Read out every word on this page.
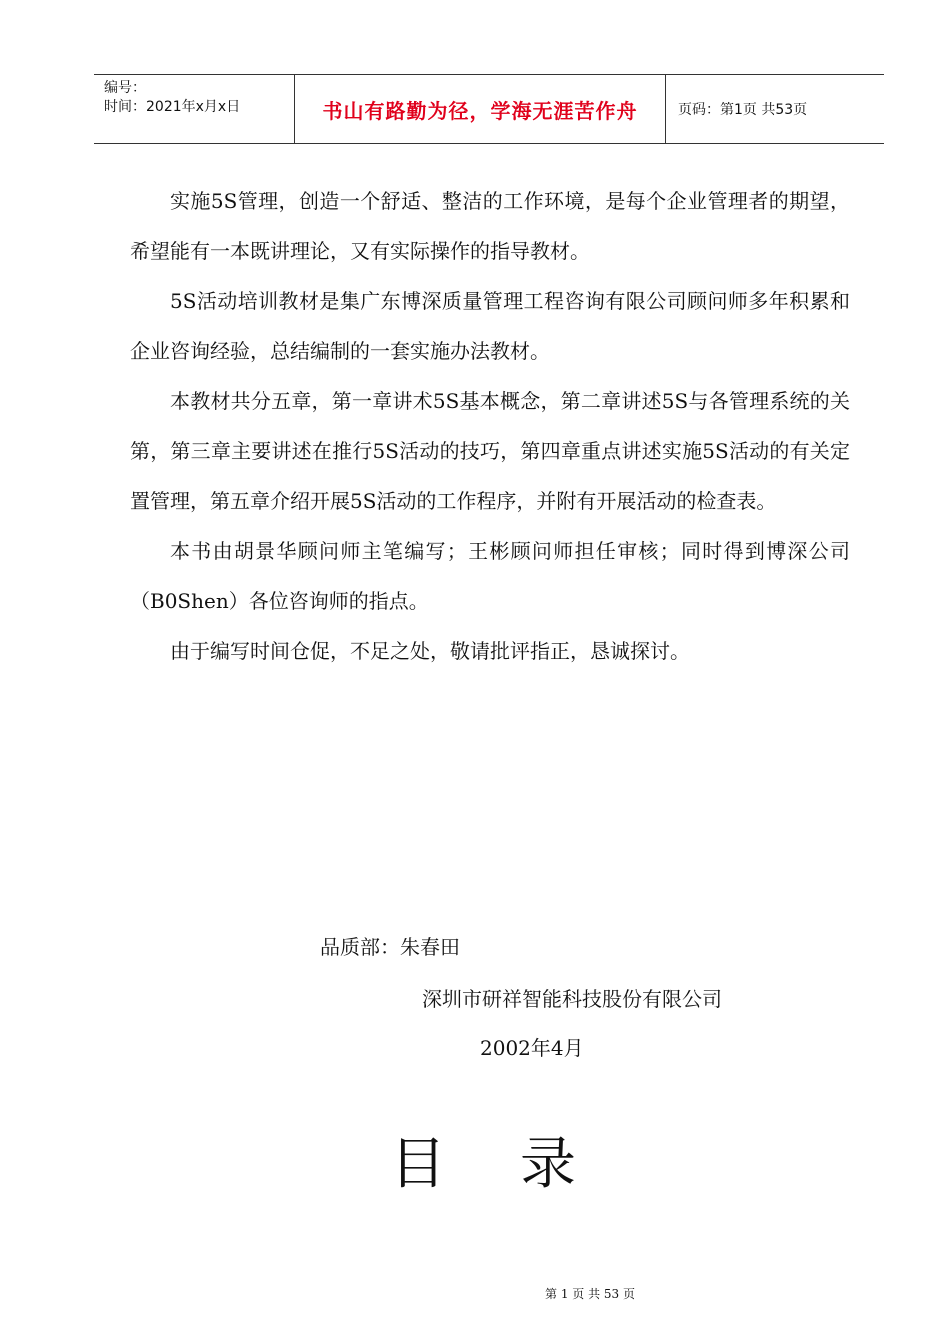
编号：
时间：2021年x月x日	书山有路勤为径，学海无涯苦作舟	页码：第1页 共53页

实施5S管理，创造一个舒适、整洁的工作环境，是每个企业管理者的期望，希望能有一本既讲理论，又有实际操作的指导教材。

5S活动培训教材是集广东博深质量管理工程咨询有限公司顾问师多年积累和企业咨询经验，总结编制的一套实施办法教材。

本教材共分五章，第一章讲术5S基本概念，第二章讲述5S与各管理系统的关第，第三章主要讲述在推行5S活动的技巧，第四章重点讲述实施5S活动的有关定置管理，第五章介绍开展5S活动的工作程序，并附有开展活动的检查表。

本书由胡景华顾问师主笔编写；王彬顾问师担任审核；同时得到博深公司（B0Shen）各位咨询师的指点。

由于编写时间仓促，不足之处，敬请批评指正，恳诚探讨。

品质部：朱春田
深圳市研祥智能科技股份有限公司
2002年4月
目录
第 1 页 共 53 页
